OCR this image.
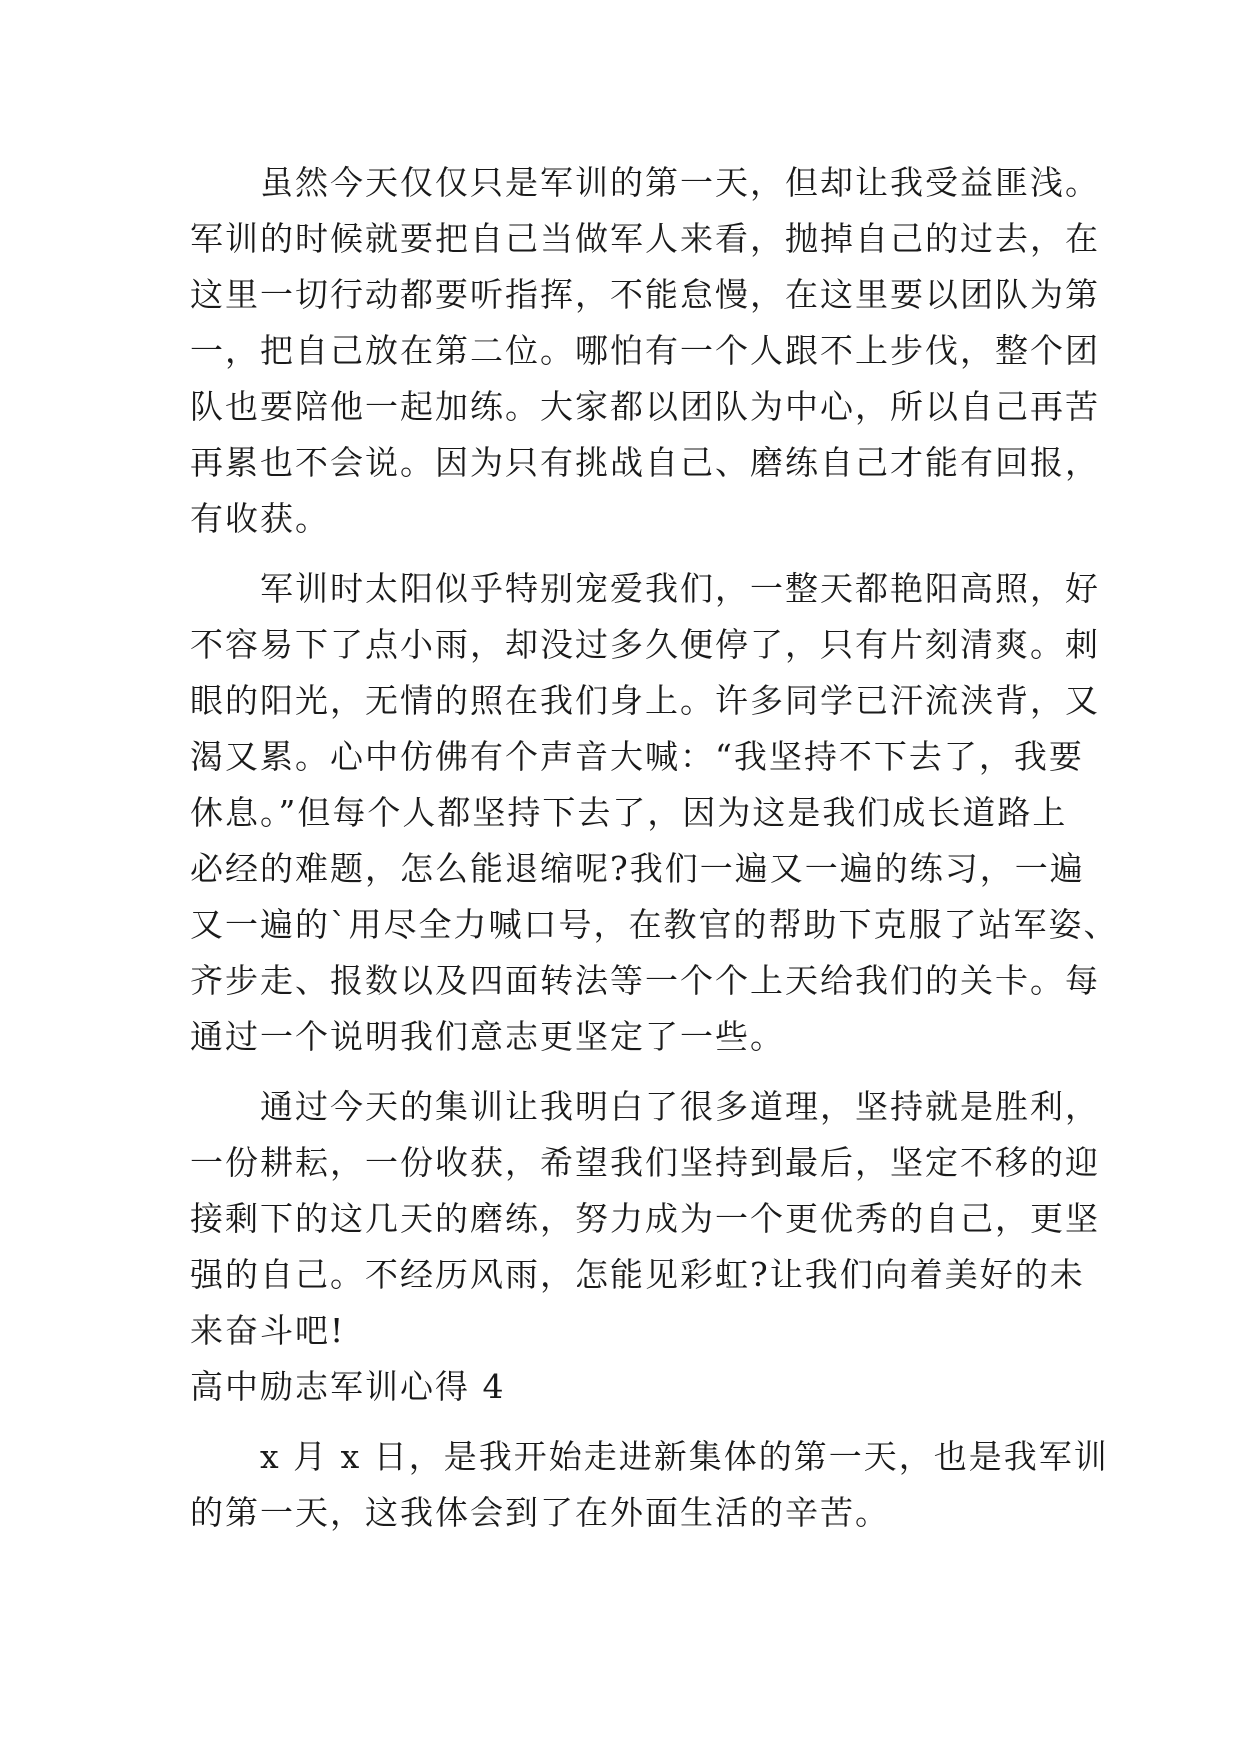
虽然今天仅仅只是军训的第一天，但却让我受益匪浅。
军训的时候就要把自己当做军人来看，抛掉自己的过去，在
这里一切行动都要听指挥，不能怠慢，在这里要以团队为第
一，把自己放在第二位。哪怕有一个人跟不上步伐，整个团
队也要陪他一起加练。大家都以团队为中心，所以自己再苦
再累也不会说。因为只有挑战自己、磨练自己才能有回报，
有收获。
军训时太阳似乎特别宠爱我们，一整天都艳阳高照，好
不容易下了点小雨，却没过多久便停了，只有片刻清爽。刺
眼的阳光，无情的照在我们身上。许多同学已汗流浃背，又
渴又累。心中仿佛有个声音大喊：“我坚持不下去了，我要
休息。”但每个人都坚持下去了，因为这是我们成长道路上
必经的难题，怎么能退缩呢?我们一遍又一遍的练习，一遍
又一遍的`用尽全力喊口号，在教官的帮助下克服了站军姿、
齐步走、报数以及四面转法等一个个上天给我们的关卡。每
通过一个说明我们意志更坚定了一些。
通过今天的集训让我明白了很多道理，坚持就是胜利，
一份耕耘，一份收获，希望我们坚持到最后，坚定不移的迎
接剩下的这几天的磨练，努力成为一个更优秀的自己，更坚
强的自己。不经历风雨，怎能见彩虹?让我们向着美好的未
来奋斗吧!
高中励志军训心得 4
x 月 x 日，是我开始走进新集体的第一天，也是我军训
的第一天，这我体会到了在外面生活的辛苦。
